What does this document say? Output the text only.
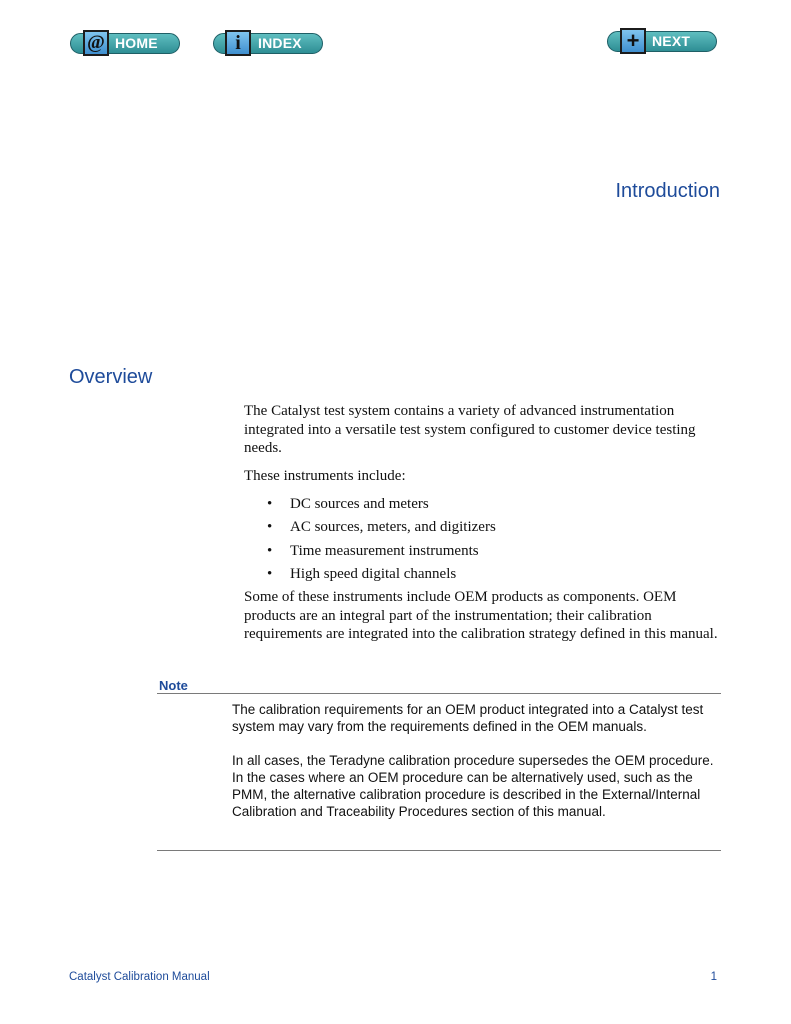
@ HOME	i	INDEX	+ NEXT
Introduction
Overview
The Catalyst test system contains a variety of advanced instrumentation integrated into a versatile test system configured to customer device testing needs.
These instruments include:
• DC sources and meters
• AC sources, meters, and digitizers
• Time measurement instruments
• High speed digital channels
Some of these instruments include OEM products as components. OEM products are an integral part of the instrumentation; their calibration requirements are integrated into the calibration strategy defined in this manual.
Note
The calibration requirements for an OEM product integrated into a Catalyst test system may vary from the requirements defined in the OEM manuals.
In all cases, the Teradyne calibration procedure supersedes the OEM procedure. In the cases where an OEM procedure can be alternatively used, such as the PMM, the alternative calibration procedure is described in the External/Internal Calibration and Traceability Procedures section of this manual.
Catalyst Calibration Manual	1
